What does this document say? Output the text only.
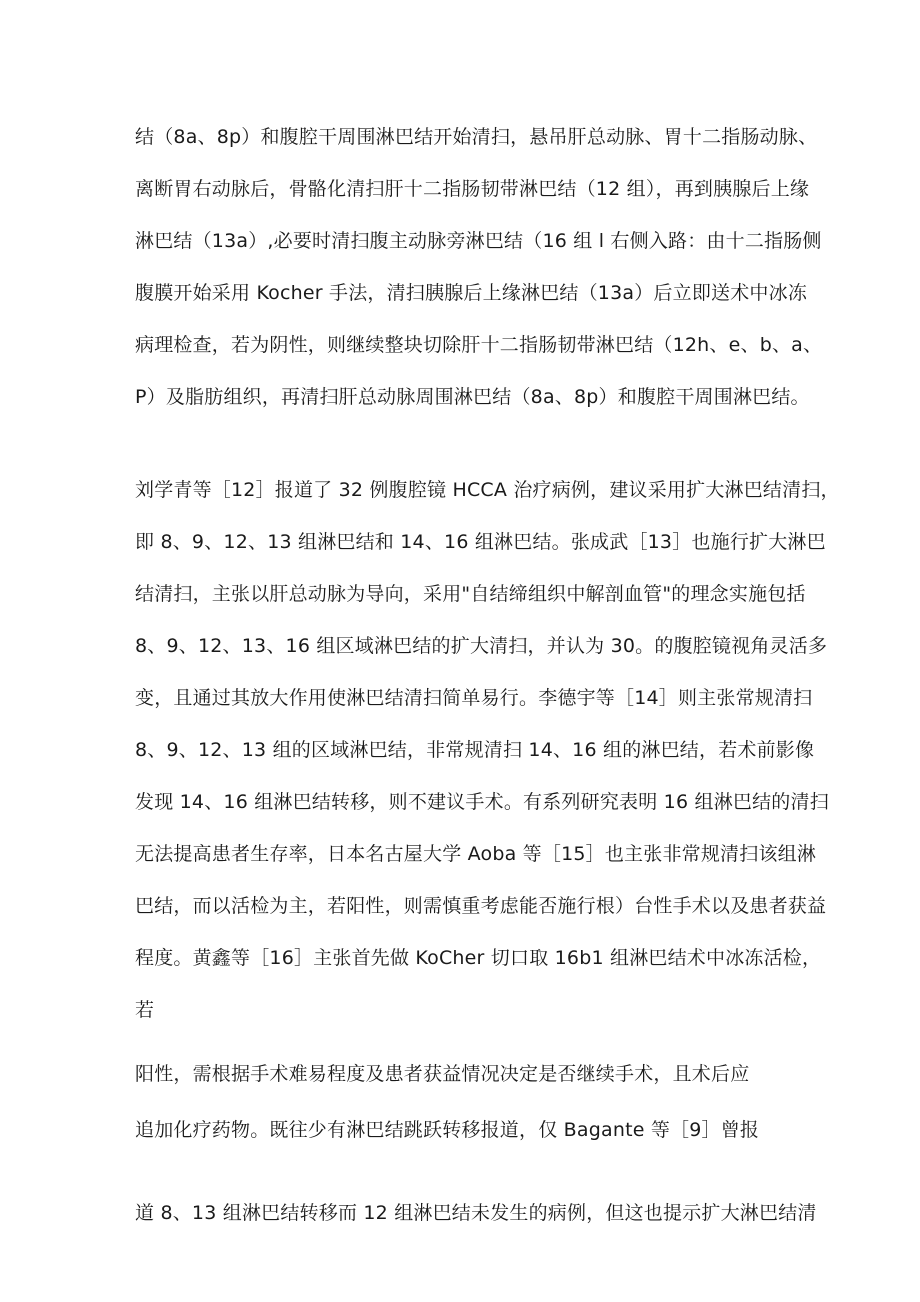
结（8a、8p）和腹腔干周围淋巴结开始清扫，悬吊肝总动脉、胃十二指肠动脉、

离断胃右动脉后，骨骼化清扫肝十二指肠韧带淋巴结（12 组），再到胰腺后上缘

淋巴结（13a）,必要时清扫腹主动脉旁淋巴结（16 组 l 右侧入路：由十二指肠侧

腹膜开始采用 Kocher 手法，清扫胰腺后上缘淋巴结（13a）后立即送术中冰冻

病理检查，若为阴性，则继续整块切除肝十二指肠韧带淋巴结（12h、e、b、a、

P）及脂肪组织，再清扫肝总动脉周围淋巴结（8a、8p）和腹腔干周围淋巴结。

刘学青等［12］报道了 32 例腹腔镜 HCCA 治疗病例，建议采用扩大淋巴结清扫，

即 8、9、12、13 组淋巴结和 14、16 组淋巴结。张成武［13］也施行扩大淋巴

结清扫，主张以肝总动脉为导向，采用"自结缔组织中解剖血管"的理念实施包括

8、9、12、13、16 组区域淋巴结的扩大清扫，并认为 30。的腹腔镜视角灵活多

变，且通过其放大作用使淋巴结清扫简单易行。李德宇等［14］则主张常规清扫

8、9、12、13 组的区域淋巴结，非常规清扫 14、16 组的淋巴结，若术前影像

发现 14、16 组淋巴结转移，则不建议手术。有系列研究表明 16 组淋巴结的清扫

无法提高患者生存率，日本名古屋大学 Aoba 等［15］也主张非常规清扫该组淋

巴结，而以活检为主，若阳性，则需慎重考虑能否施行根）台性手术以及患者获益

程度。黄鑫等［16］主张首先做 KoCher 切口取 16b1 组淋巴结术中冰冻活检，

若

阳性，需根据手术难易程度及患者获益情况决定是否继续手术，且术后应

追加化疗药物。既往少有淋巴结跳跃转移报道，仅 Bagante 等［9］曾报

道 8、13 组淋巴结转移而 12 组淋巴结未发生的病例，但这也提示扩大淋巴结清
